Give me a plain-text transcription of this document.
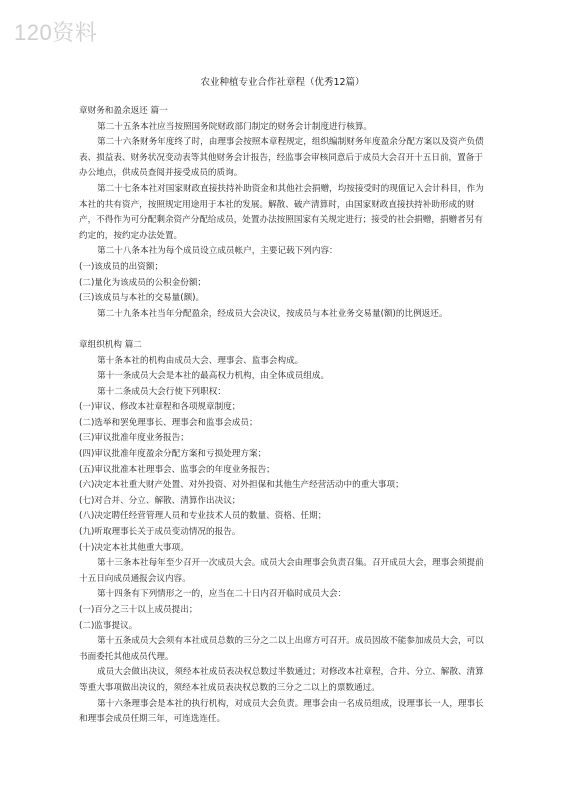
120资料
农业种植专业合作社章程（优秀12篇）

章财务和盈余返还 篇一

第二十五条本社应当按照国务院财政部门制定的财务会计制度进行核算。

第二十六条财务年度终了时，由理事会按照本章程规定，组织编制财务年度盈余分配方案以及资产负债表、损益表、财务状况变动表等其他财务会计报告，经监事会审核同意后于成员大会召开十五日前，置备于办公地点，供成员查阅并接受成员的质询。

第二十七条本社对国家财政直接扶持补助资金和其他社会捐赠，均按接受时的现值记入会计科目，作为本社的共有资产，按照规定用途用于本社的发展。解散、破产清算时，由国家财政直接扶持补助形成的财产，不得作为可分配剩余资产分配给成员，处置办法按照国家有关规定进行；接受的社会捐赠，捐赠者另有约定的，按约定办法处置。

第二十八条本社为每个成员设立成员帐户，主要记载下列内容：

(一)该成员的出资额；

(二)量化为该成员的公积金份额；

(三)该成员与本社的交易量(额)。

第二十九条本社当年分配盈余，经成员大会决议，按成员与本社业务交易量(额)的比例返还。

章组织机构 篇二

第十条本社的机构由成员大会、理事会、监事会构成。

第十一条成员大会是本社的最高权力机构，由全体成员组成。

第十二条成员大会行使下列职权：

(一)审议、修改本社章程和各项规章制度；

(二)选举和罢免理事长、理事会和监事会成员；

(三)审议批准年度业务报告；

(四)审议批准年度盈余分配方案和亏损处理方案；

(五)审议批准本社理事会、监事会的年度业务报告；

(六)决定本社重大财产处置、对外投资、对外担保和其他生产经营活动中的重大事项；

(七)对合并、分立、解散、清算作出决议；

(八)决定聘任经营管理人员和专业技术人员的数量、资格、任期；

(九)听取理事长关于成员变动情况的报告。

(十)决定本社其他重大事项。

第十三条本社每年至少召开一次成员大会。成员大会由理事会负责召集。召开成员大会，理事会须提前十五日向成员通报会议内容。

第十四条有下列情形之一的，应当在二十日内召开临时成员大会：

(一)百分之三十以上成员提出；

(二)监事提议。

第十五条成员大会须有本社成员总数的三分之二以上出席方可召开。成员因故不能参加成员大会，可以书面委托其他成员代理。

成员大会做出决议，须经本社成员表决权总数过半数通过；对修改本社章程，合并、分立、解散、清算等重大事项做出决议的，须经本社成员表决权总数的三分之二以上的票数通过。

第十六条理事会是本社的执行机构，对成员大会负责。理事会由一名成员组成，设理事长一人，理事长和理事会成员任期三年，可连选连任。
